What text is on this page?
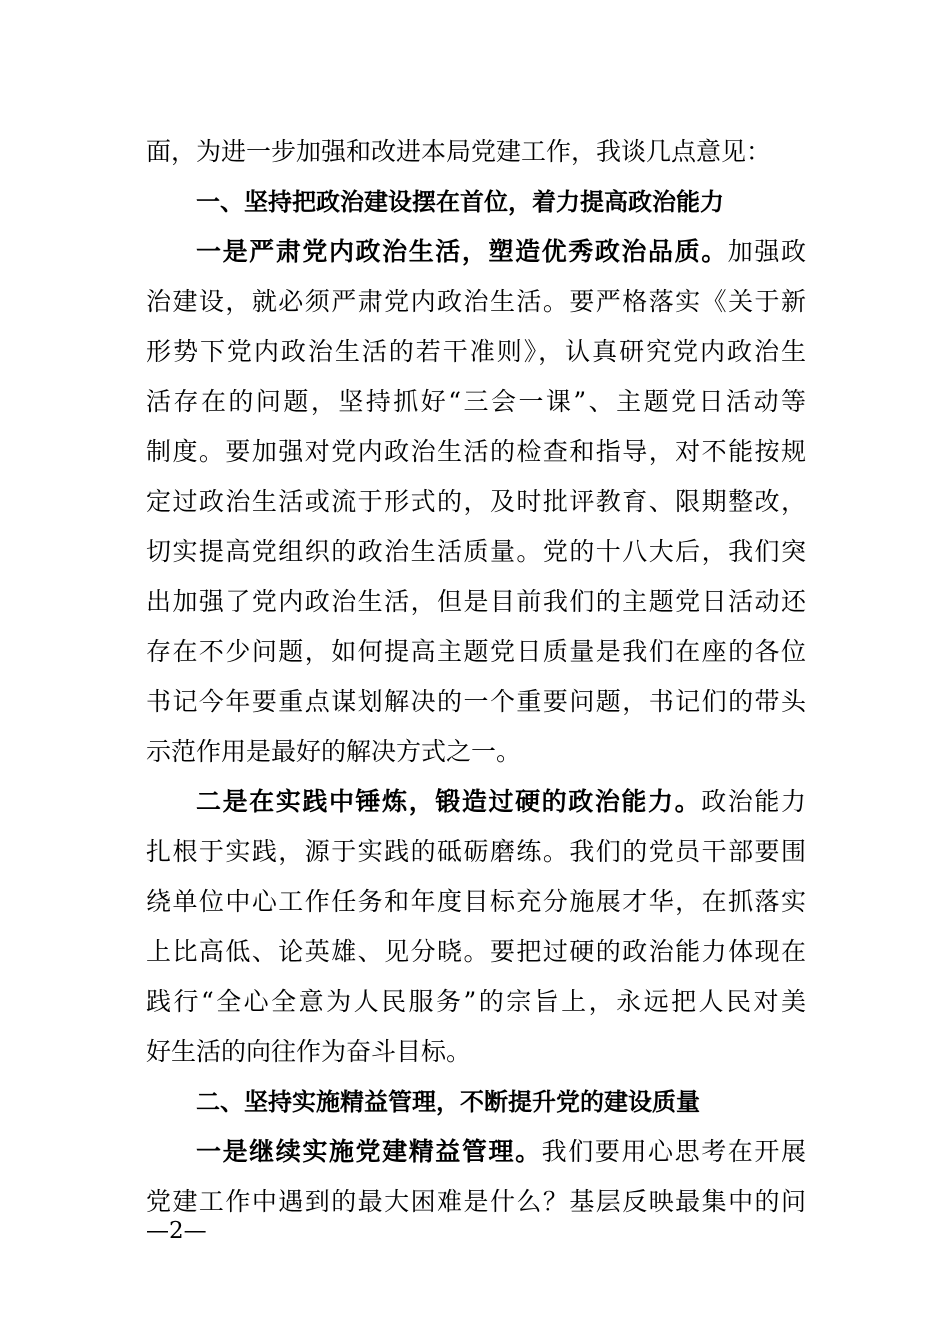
面，为进一步加强和改进本局党建工作，我谈几点意见：
一、坚持把政治建设摆在首位，着力提高政治能力
一是严肃党内政治生活，塑造优秀政治品质。加强政
治建设，就必须严肃党内政治生活。要严格落实《关于新
形势下党内政治生活的若干准则》，认真研究党内政治生
活存在的问题，坚持抓好“三会一课”、主题党日活动等
制度。要加强对党内政治生活的检查和指导，对不能按规
定过政治生活或流于形式的，及时批评教育、限期整改，
切实提高党组织的政治生活质量。党的十八大后，我们突
出加强了党内政治生活，但是目前我们的主题党日活动还
存在不少问题，如何提高主题党日质量是我们在座的各位
书记今年要重点谋划解决的一个重要问题，书记们的带头
示范作用是最好的解决方式之一。
二是在实践中锤炼，锻造过硬的政治能力。政治能力
扎根于实践，源于实践的砥砺磨练。我们的党员干部要围
绕单位中心工作任务和年度目标充分施展才华，在抓落实
上比高低、论英雄、见分晓。要把过硬的政治能力体现在
践行“全心全意为人民服务”的宗旨上，永远把人民对美
好生活的向往作为奋斗目标。
二、坚持实施精益管理，不断提升党的建设质量
一是继续实施党建精益管理。我们要用心思考在开展
党建工作中遇到的最大困难是什么？基层反映最集中的问
—2—
